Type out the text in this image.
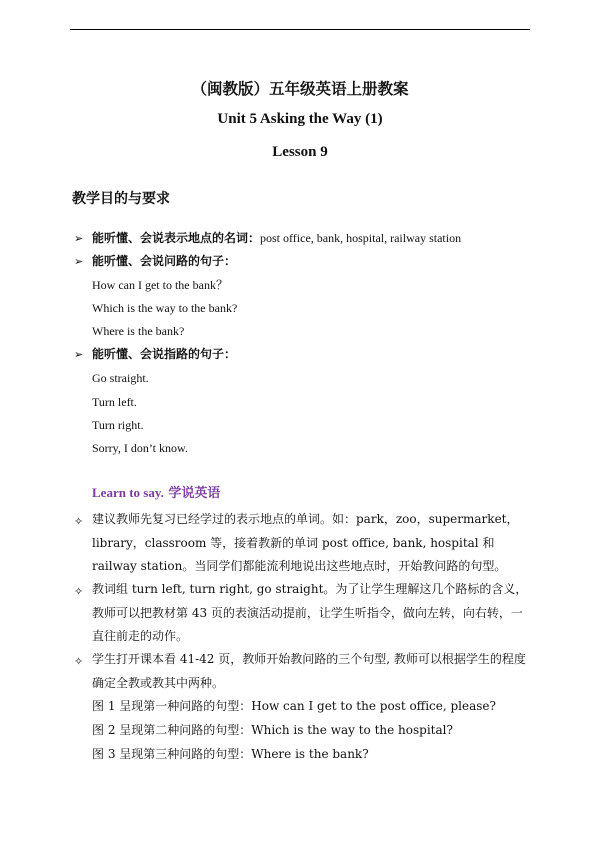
（闽教版）五年级英语上册教案
Unit 5 Asking the Way (1)
Lesson 9
教学目的与要求
➢ 能听懂、会说表示地点的名词：post office, bank, hospital, railway station
➢ 能听懂、会说问路的句子：
How can I get to the bank？
Which is the way to the bank?
Where is the bank?
➢ 能听懂、会说指路的句子：
Go straight.
Turn left.
Turn right.
Sorry, I don’t know.
Learn to say. 学说英语
✧ 建议教师先复习已经学过的表示地点的单词。如：park，zoo，supermarket，library，classroom 等，接着教新的单词 post office, bank, hospital 和 railway station。当同学们都能流利地说出这些地点时，开始教问路的句型。
✧ 教词组 turn left, turn right, go straight。为了让学生理解这几个路标的含义，教师可以把教材第 43 页的表演活动提前，让学生听指令，做向左转，向右转，一直往前走的动作。
✧ 学生打开课本看 41-42 页，教师开始教问路的三个句型, 教师可以根据学生的程度确定全教或教其中两种。
图 1 呈现第一种问路的句型：How can I get to the post office, please?
图 2 呈现第二种问路的句型：Which is the way to the hospital?
图 3 呈现第三种问路的句型：Where is the bank?
